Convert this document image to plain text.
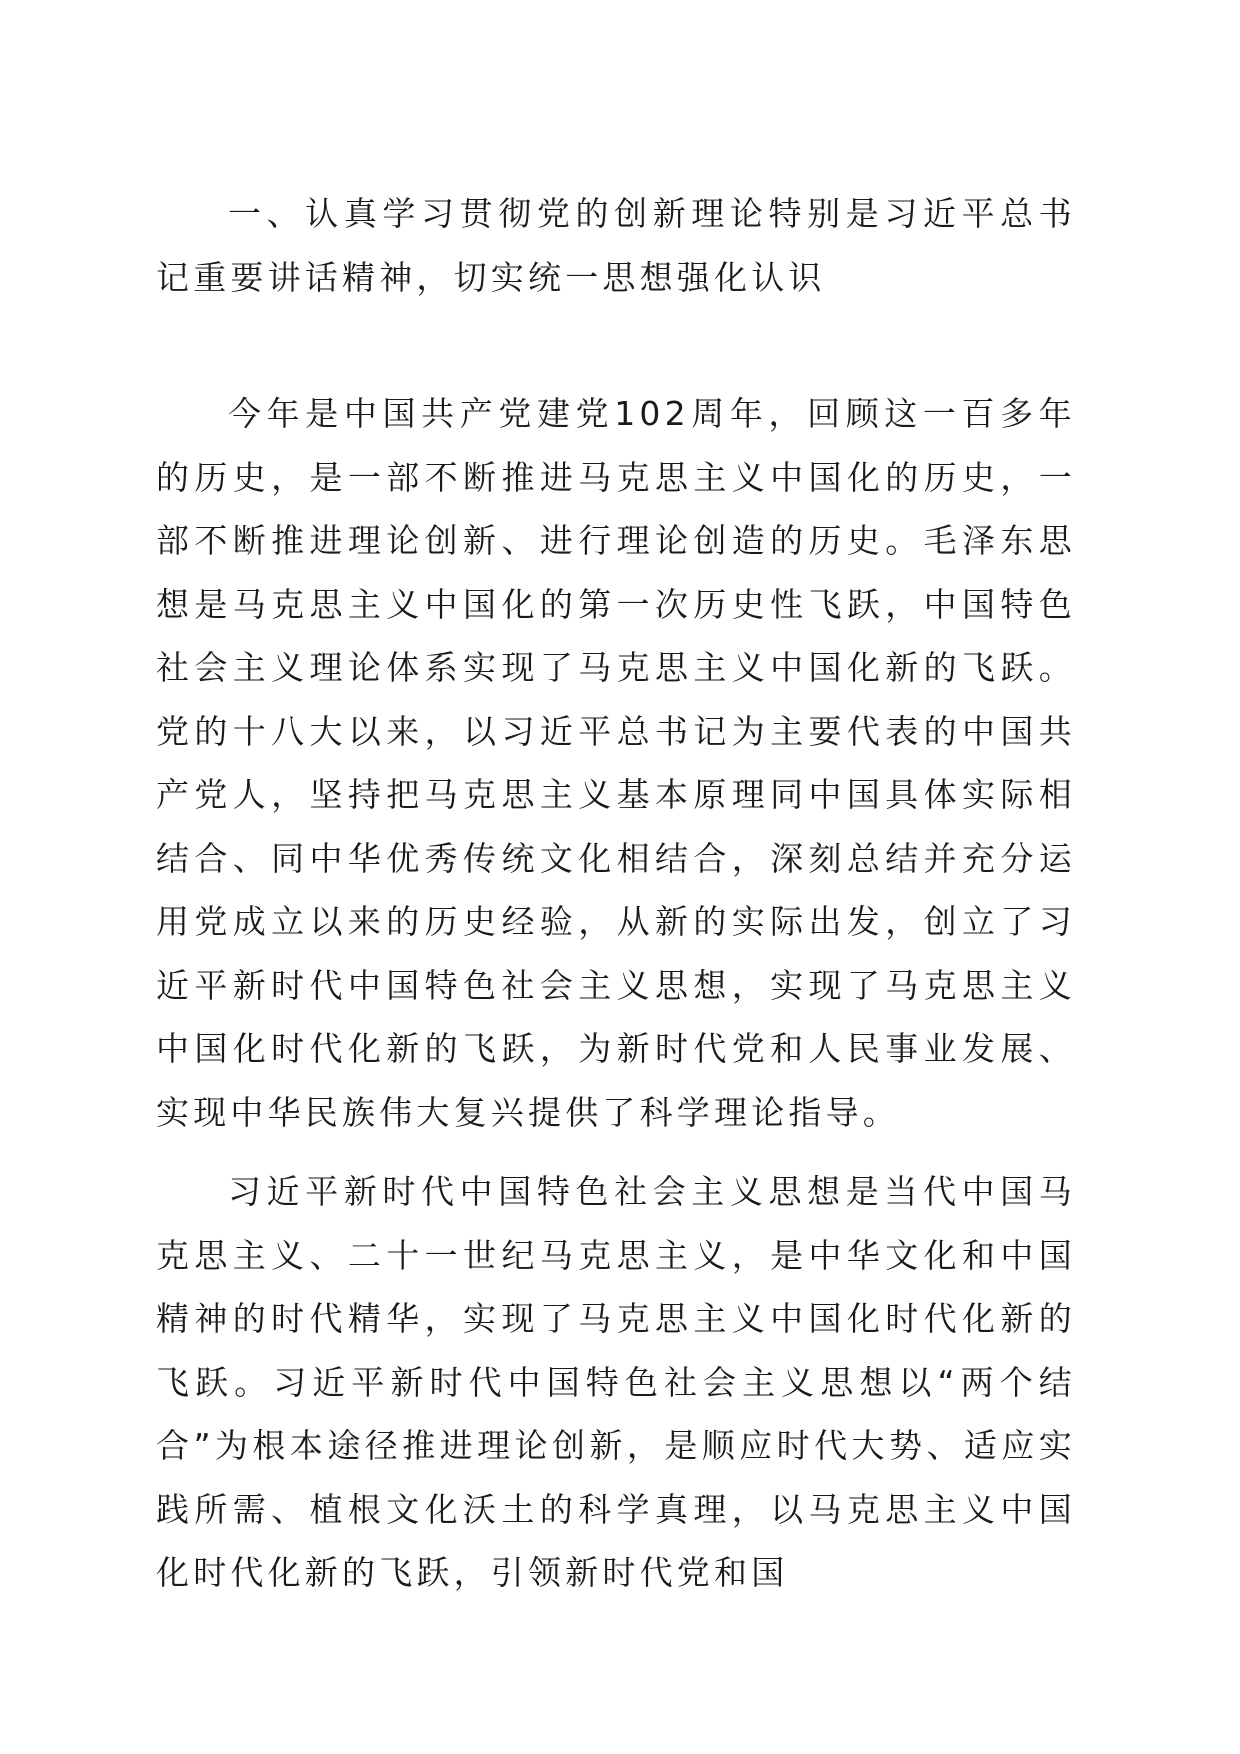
一、认真学习贯彻党的创新理论特别是习近平总书记重要讲话精神，切实统一思想强化认识

今年是中国共产党建党102周年，回顾这一百多年的历史，是一部不断推进马克思主义中国化的历史，一部不断推进理论创新、进行理论创造的历史。毛泽东思想是马克思主义中国化的第一次历史性飞跃，中国特色社会主义理论体系实现了马克思主义中国化新的飞跃。党的十八大以来，以习近平总书记为主要代表的中国共产党人，坚持把马克思主义基本原理同中国具体实际相结合、同中华优秀传统文化相结合，深刻总结并充分运用党成立以来的历史经验，从新的实际出发，创立了习近平新时代中国特色社会主义思想，实现了马克思主义中国化时代化新的飞跃，为新时代党和人民事业发展、实现中华民族伟大复兴提供了科学理论指导。

习近平新时代中国特色社会主义思想是当代中国马克思主义、二十一世纪马克思主义，是中华文化和中国精神的时代精华，实现了马克思主义中国化时代化新的飞跃。习近平新时代中国特色社会主义思想以“两个结合”为根本途径推进理论创新，是顺应时代大势、适应实践所需、植根文化沃土的科学真理，以马克思主义中国化时代化新的飞跃，引领新时代党和国
